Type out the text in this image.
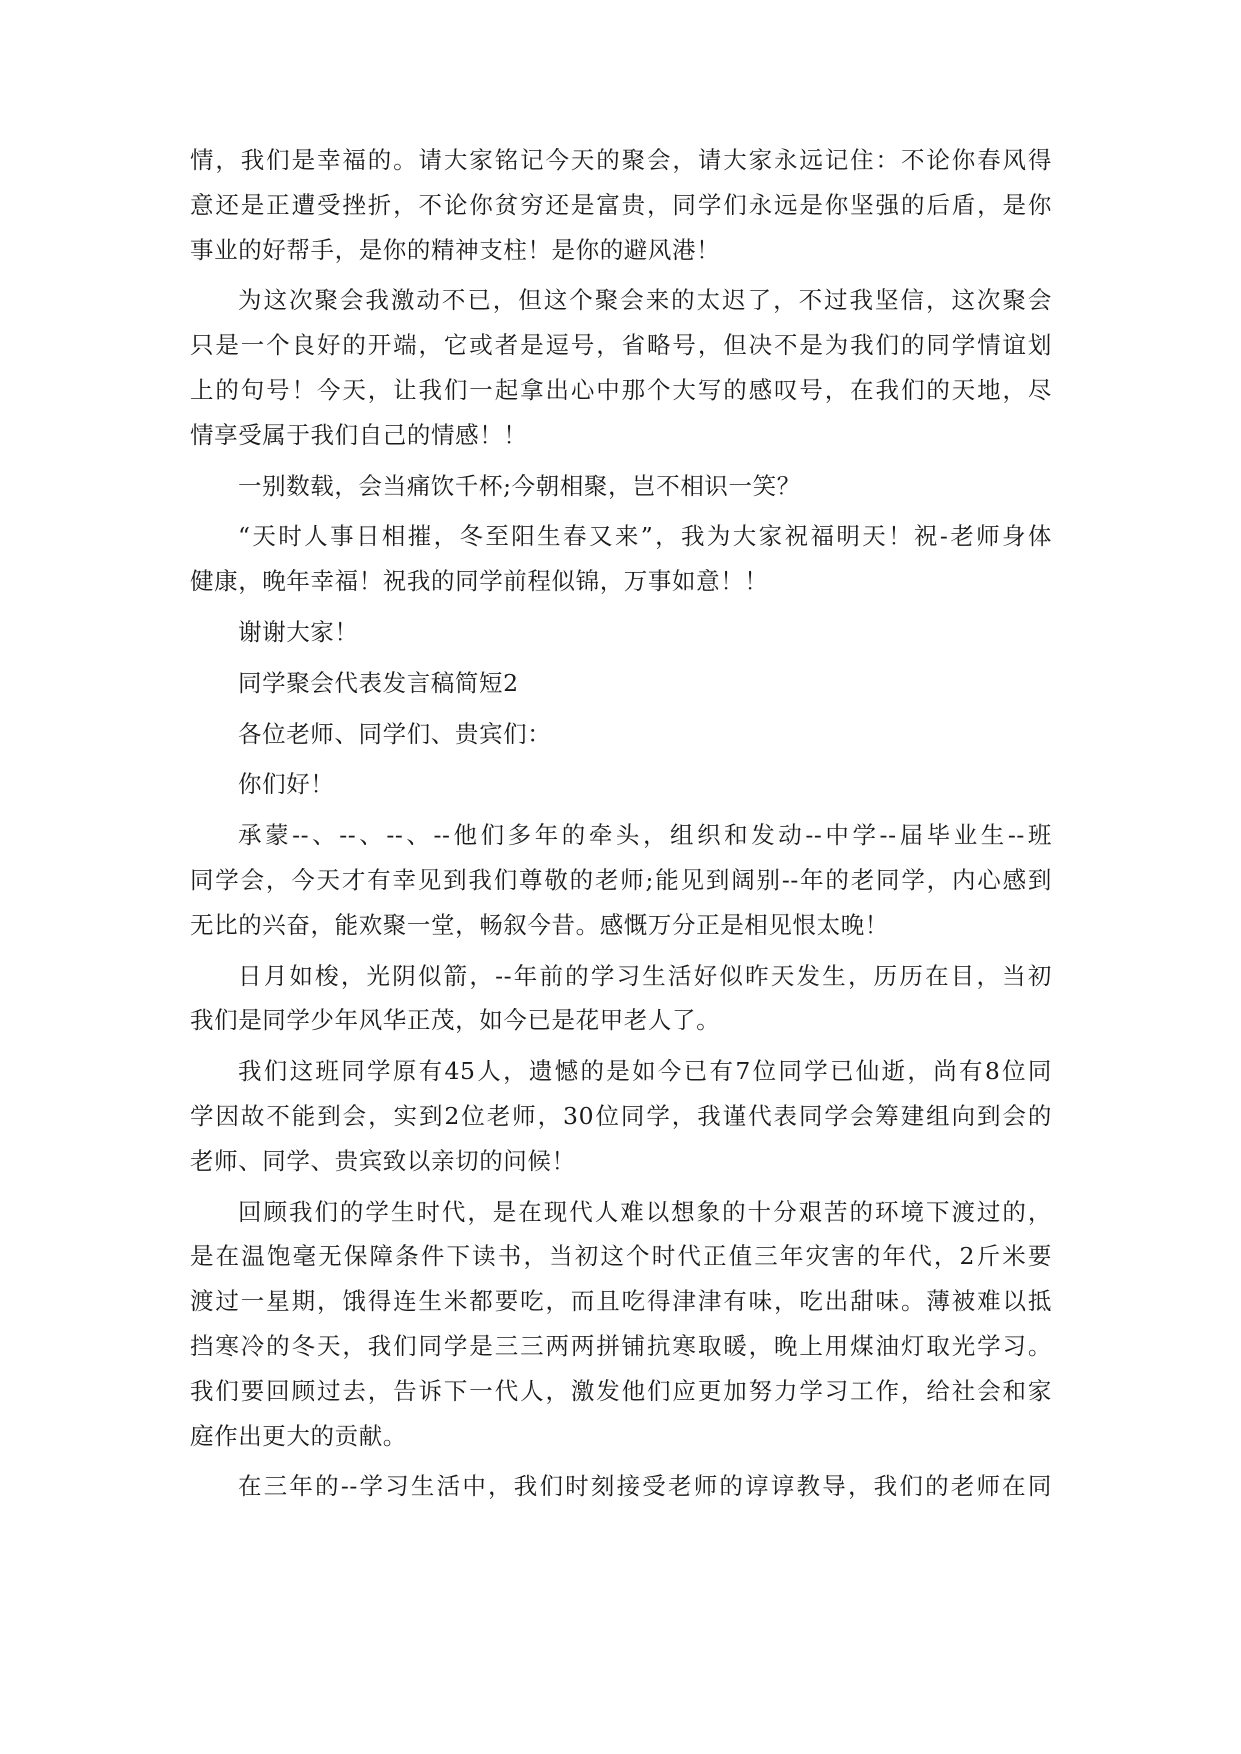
情，我们是幸福的。请大家铭记今天的聚会，请大家永远记住：不论你春风得
意还是正遭受挫折，不论你贫穷还是富贵，同学们永远是你坚强的后盾，是你
事业的好帮手，是你的精神支柱！是你的避风港！
为这次聚会我激动不已，但这个聚会来的太迟了，不过我坚信，这次聚会
只是一个良好的开端，它或者是逗号，省略号，但决不是为我们的同学情谊划
上的句号！今天，让我们一起拿出心中那个大写的感叹号，在我们的天地，尽
情享受属于我们自己的情感！！
一别数载，会当痛饮千杯;今朝相聚，岂不相识一笑？
“天时人事日相摧，冬至阳生春又来”，我为大家祝福明天！祝-老师身体
健康，晚年幸福！祝我的同学前程似锦，万事如意！！
谢谢大家！
同学聚会代表发言稿简短2
各位老师、同学们、贵宾们：
你们好！
承蒙--、--、--、--他们多年的牵头，组织和发动--中学--届毕业生--班
同学会，今天才有幸见到我们尊敬的老师;能见到阔别--年的老同学，内心感到
无比的兴奋，能欢聚一堂，畅叙今昔。感慨万分正是相见恨太晚！
日月如梭，光阴似箭，--年前的学习生活好似昨天发生，历历在目，当初
我们是同学少年风华正茂，如今已是花甲老人了。
我们这班同学原有45人，遗憾的是如今已有7位同学已仙逝，尚有8位同
学因故不能到会，实到2位老师，30位同学，我谨代表同学会筹建组向到会的
老师、同学、贵宾致以亲切的问候！
回顾我们的学生时代，是在现代人难以想象的十分艰苦的环境下渡过的，
是在温饱毫无保障条件下读书，当初这个时代正值三年灾害的年代，2斤米要
渡过一星期，饿得连生米都要吃，而且吃得津津有味，吃出甜味。薄被难以抵
挡寒冷的冬天，我们同学是三三两两拼铺抗寒取暖，晚上用煤油灯取光学习。
我们要回顾过去，告诉下一代人，激发他们应更加努力学习工作，给社会和家
庭作出更大的贡献。
在三年的--学习生活中，我们时刻接受老师的谆谆教导，我们的老师在同
